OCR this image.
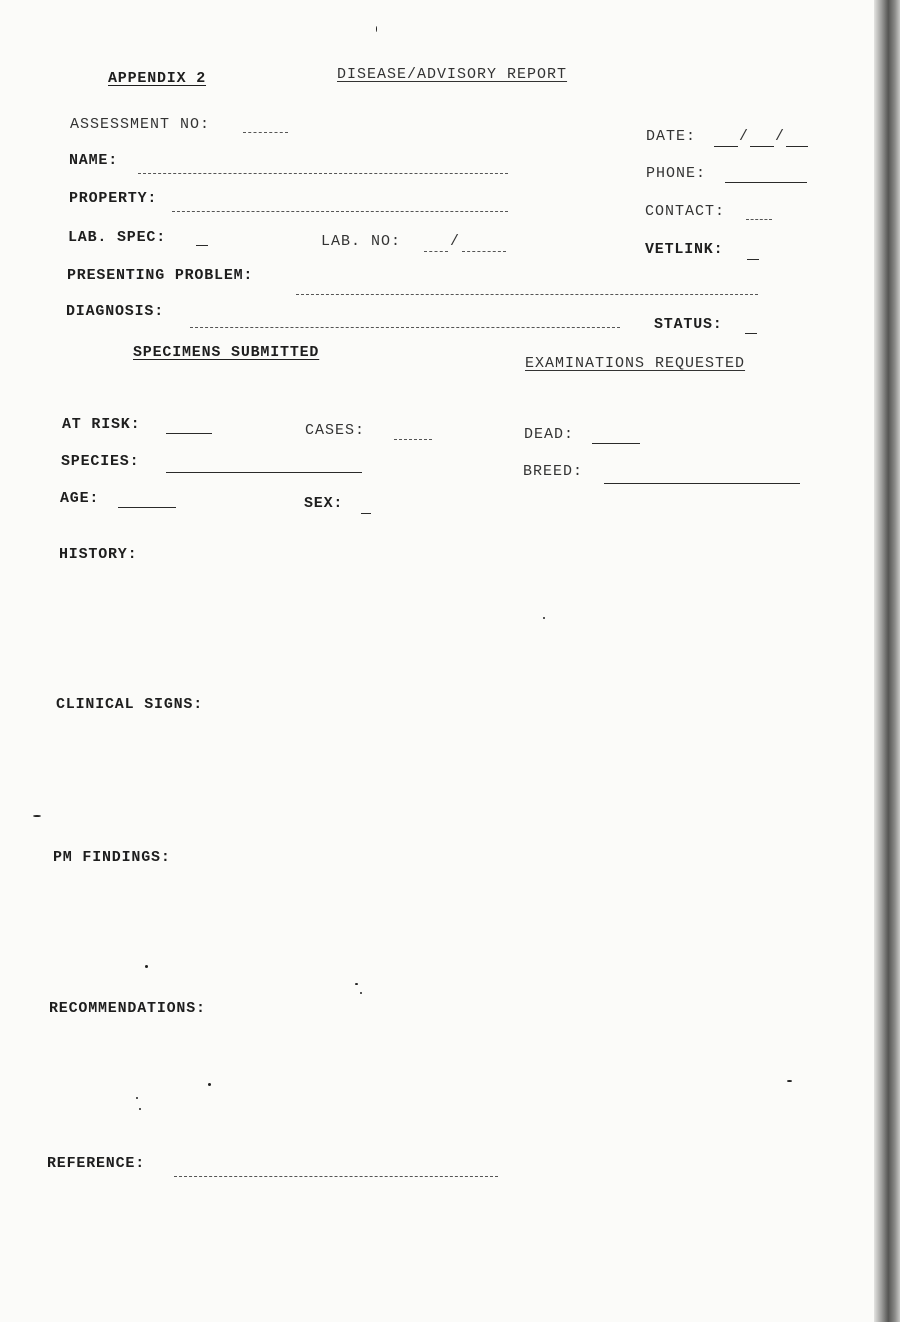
APPENDIX 2	DISEASE/ADVISORY REPORT
ASSESSMENT NO:
DATE:	/ /
NAME:
PHONE:
PROPERTY:
CONTACT:
LAB. SPEC:	LAB. NO:	/	VETLINK:
PRESENTING PROBLEM:
DIAGNOSIS:
STATUS:
SPECIMENS SUBMITTED
EXAMINATIONS REQUESTED
AT RISK:	CASES:	DEAD:
SPECIES:
BREED:
AGE:	SEX:
HISTORY:
CLINICAL SIGNS:
PM FINDINGS:
RECOMMENDATIONS:
REFERENCE:
